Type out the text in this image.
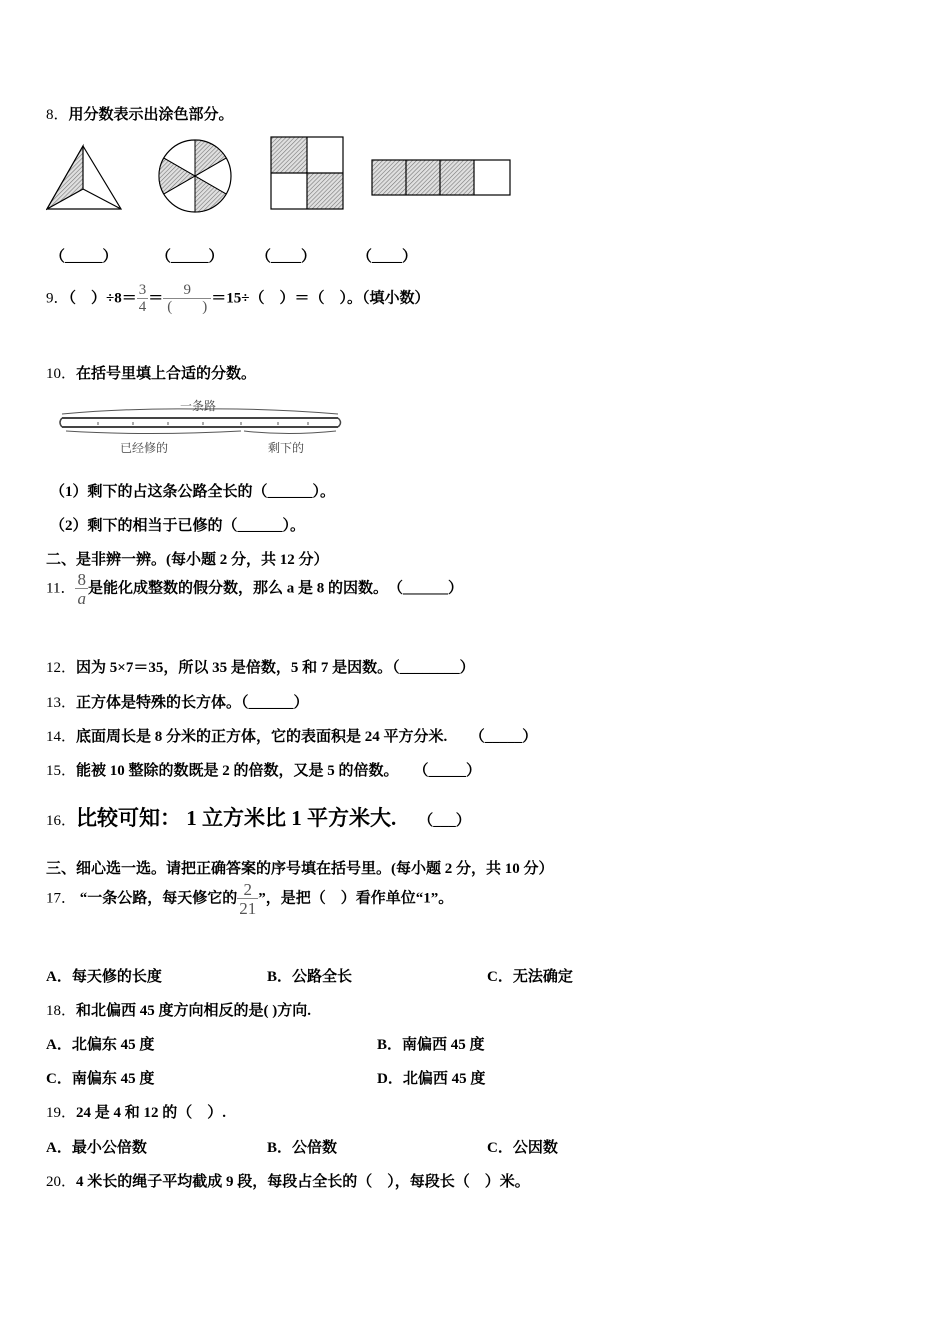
8．用分数表示出涂色部分。
（_____）	（_____） （____）	（____）
9．（　）$\div 8= \frac{3}{4} = \frac{9}{( )} =15\div$（　）＝（　）。（填小数）
10．在括号里填上合适的分数。
一条路
已经修的	剩下的
（1）剩下的占这条公路全长的（______）。
（2）剩下的相当于已修的（______）。
二、是非辨一辨。(每小题 2 分，共 12 分）
11． $\frac{8}{a}$ 是能化成整数的假分数，那么 a 是 8 的因数。　（______）
12．因为 5×7＝35，所以 35 是倍数，5 和 7 是因数。（________）
13．正方体是特殊的长方体。（______）
14．底面周长是 8 分米的正方体，它的表面积是 24 平方分米.　　（_____）
15．能被 10 整除的数既是 2 的倍数，又是 5 的倍数。　　（_____）
16．比较可知： 1 立方米比 1 平方米大. （___）
三、细心选一选。请把正确答案的序号填在括号里。(每小题 2 分，共 10 分）
17． “一条公路，每天修它的 $\frac{2}{21}$ ”，是把（　）看作单位“1”。
A．每天修的长度	B．公路全长	C．无法确定
18．和北偏西 45 度方向相反的是( )方向.
A．北偏东 45 度	B．南偏西 45 度
C．南偏东 45 度	D．北偏西 45 度
19．24 是 4 和 12 的（　）.
A．最小公倍数	B．公倍数	C．公因数
20．4 米长的绳子平均截成 9 段，每段占全长的（　），每段长（　）米。
